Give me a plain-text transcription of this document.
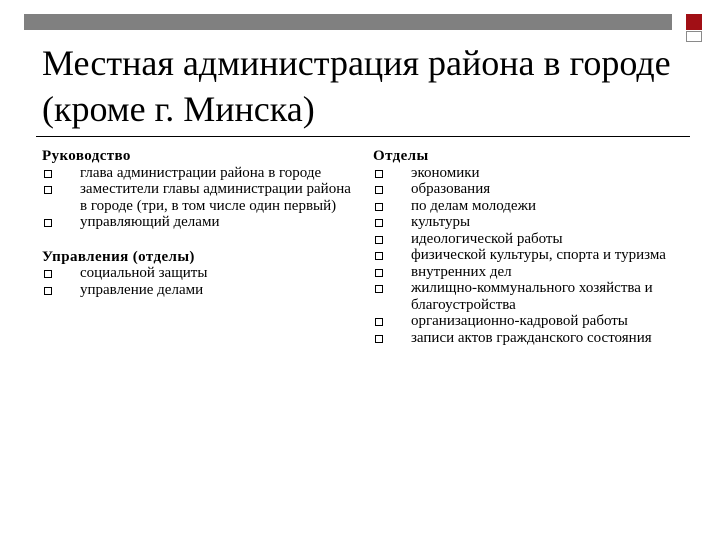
Местная администрация района в городе (кроме г. Минска)
Руководство
глава администрации района в городе
заместители главы администрации района в городе (три, в том числе один первый)
управляющий делами
Управления (отделы)
социальной защиты
управление делами
Отделы
экономики
образования
по делам молодежи
культуры
идеологической работы
физической культуры, спорта и туризма
внутренних дел
жилищно-коммунального хозяйства и благоустройства
организационно-кадровой работы
записи актов гражданского состояния
